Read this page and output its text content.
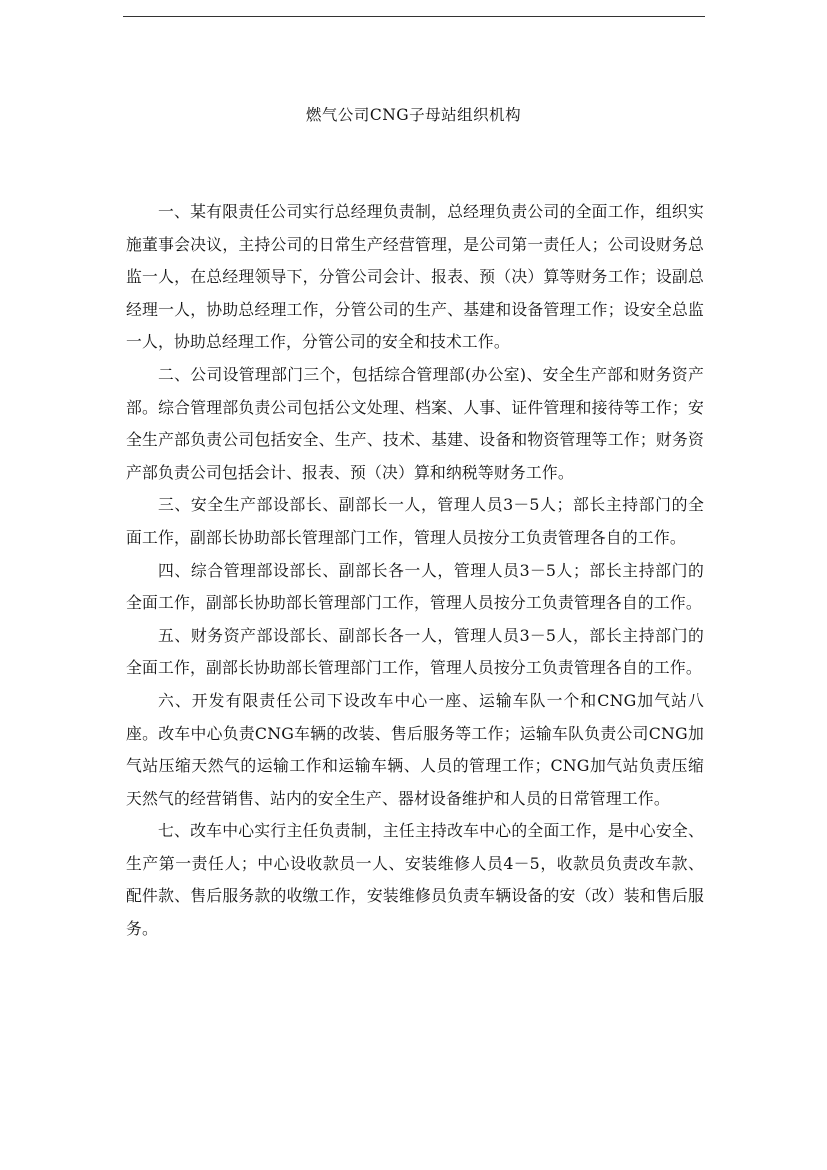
燃气公司CNG子母站组织机构

一、某有限责任公司实行总经理负责制，总经理负责公司的全面工作，组织实施董事会决议，主持公司的日常生产经营管理，是公司第一责任人；公司设财务总监一人，在总经理领导下，分管公司会计、报表、预（决）算等财务工作；设副总经理一人，协助总经理工作，分管公司的生产、基建和设备管理工作；设安全总监一人，协助总经理工作，分管公司的安全和技术工作。

二、公司设管理部门三个，包括综合管理部(办公室)、安全生产部和财务资产部。综合管理部负责公司包括公文处理、档案、人事、证件管理和接待等工作；安全生产部负责公司包括安全、生产、技术、基建、设备和物资管理等工作；财务资产部负责公司包括会计、报表、预（决）算和纳税等财务工作。

三、安全生产部设部长、副部长一人，管理人员3－5人；部长主持部门的全面工作，副部长协助部长管理部门工作，管理人员按分工负责管理各自的工作。

四、综合管理部设部长、副部长各一人，管理人员3－5人；部长主持部门的全面工作，副部长协助部长管理部门工作，管理人员按分工负责管理各自的工作。

五、财务资产部设部长、副部长各一人，管理人员3－5人，部长主持部门的全面工作，副部长协助部长管理部门工作，管理人员按分工负责管理各自的工作。

六、开发有限责任公司下设改车中心一座、运输车队一个和CNG加气站八座。改车中心负责CNG车辆的改装、售后服务等工作；运输车队负责公司CNG加气站压缩天然气的运输工作和运输车辆、人员的管理工作；CNG加气站负责压缩天然气的经营销售、站内的安全生产、器材设备维护和人员的日常管理工作。

七、改车中心实行主任负责制，主任主持改车中心的全面工作，是中心安全、生产第一责任人；中心设收款员一人、安装维修人员4－5，收款员负责改车款、配件款、售后服务款的收缴工作，安装维修员负责车辆设备的安（改）装和售后服务。
